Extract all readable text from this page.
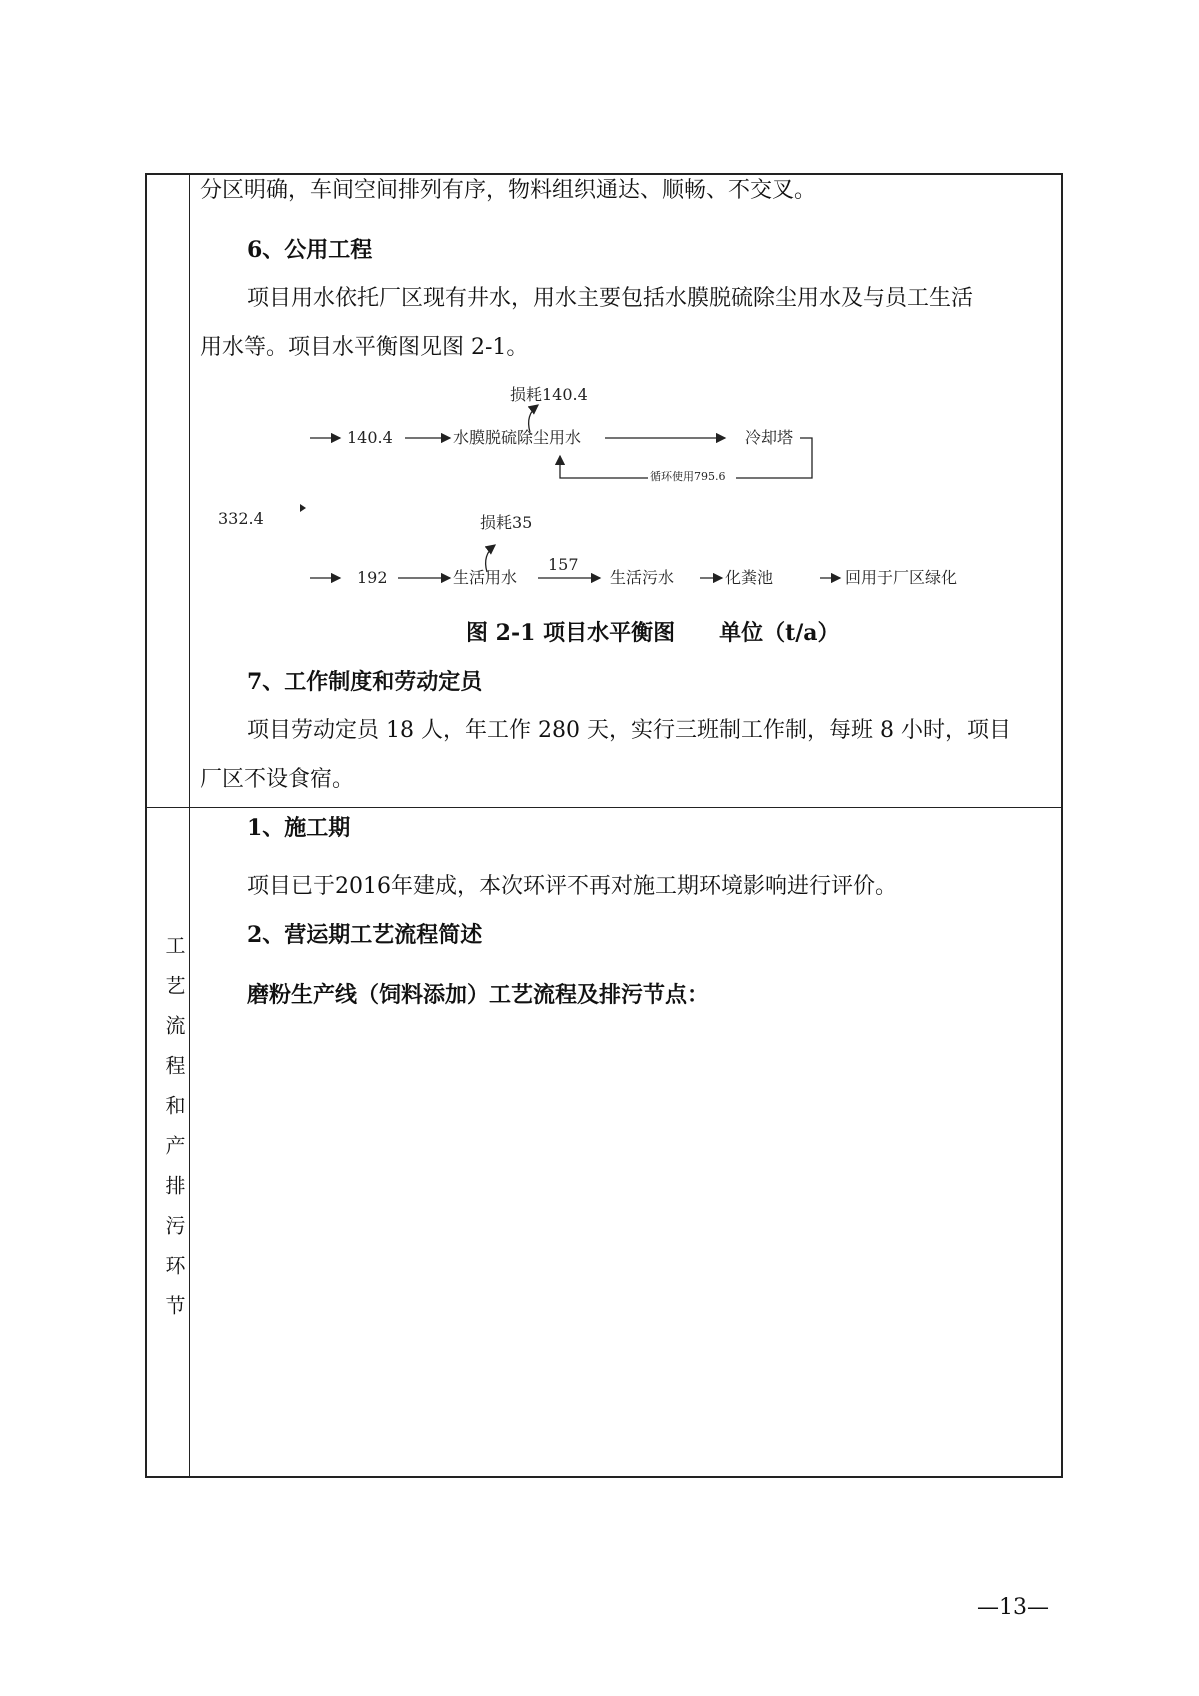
工艺流程和产排污环节
分区明确，车间空间排列有序，物料组织通达、顺畅、不交叉。
6、公用工程
项目用水依托厂区现有井水，用水主要包括水膜脱硫除尘用水及与员工生活
用水等。项目水平衡图见图 2-1。
140.4	水膜脱硫除尘用水
损耗140.4
冷却塔
循环使用795.6
332.4
192	生活用水
损耗35
157
生活污水	化粪池	回用于厂区绿化
图 2-1 项目水平衡图　　单位（t/a）
7、工作制度和劳动定员
项目劳动定员 18 人，年工作 280 天，实行三班制工作制，每班 8 小时，项目
厂区不设食宿。
1、施工期
项目已于2016年建成，本次环评不再对施工期环境影响进行评价。
2、营运期工艺流程简述
磨粉生产线（饲料添加）工艺流程及排污节点：
—13—
